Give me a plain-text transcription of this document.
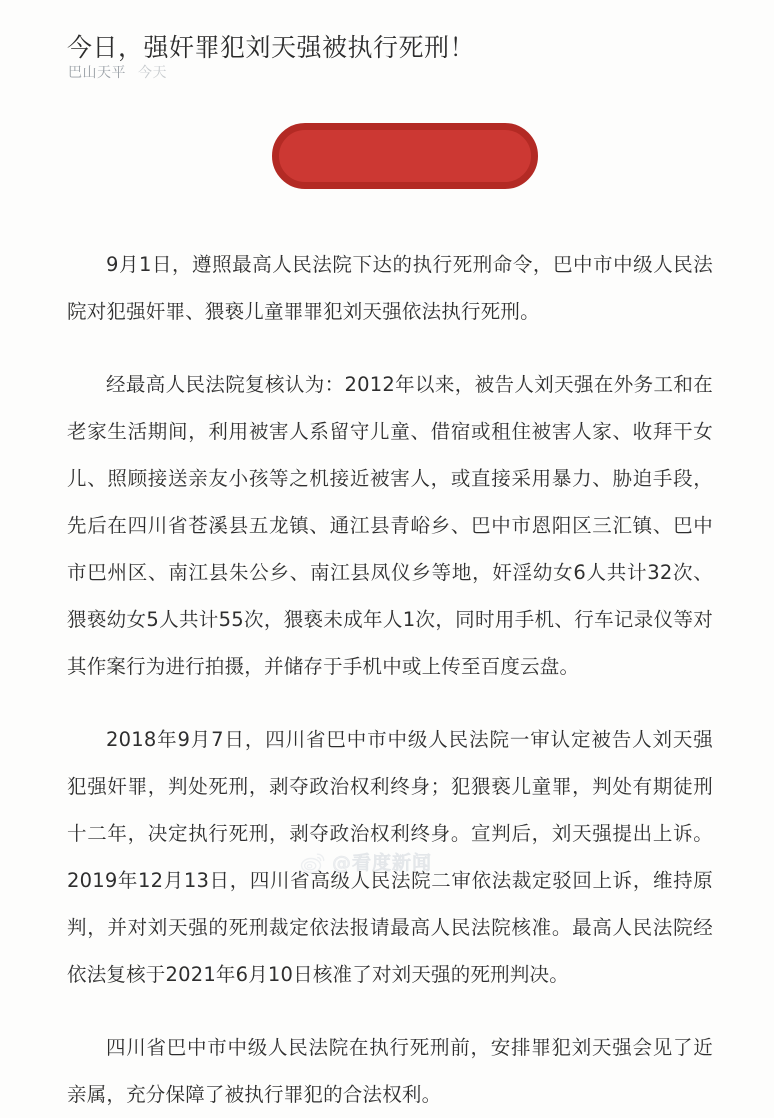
今日，强奸罪犯刘天强被执行死刑！
巴山天平 今天

9月1日，遵照最高人民法院下达的执行死刑命令，巴中市中级人民法院对犯强奸罪、猥亵儿童罪罪犯刘天强依法执行死刑。

经最高人民法院复核认为：2012年以来，被告人刘天强在外务工和在老家生活期间，利用被害人系留守儿童、借宿或租住被害人家、收拜干女儿、照顾接送亲友小孩等之机接近被害人，或直接采用暴力、胁迫手段，先后在四川省苍溪县五龙镇、通江县青峪乡、巴中市恩阳区三汇镇、巴中市巴州区、南江县朱公乡、南江县凤仪乡等地，奸淫幼女6人共计32次、猥亵幼女5人共计55次，猥亵未成年人1次，同时用手机、行车记录仪等对其作案行为进行拍摄，并储存于手机中或上传至百度云盘。

2018年9月7日，四川省巴中市中级人民法院一审认定被告人刘天强犯强奸罪，判处死刑，剥夺政治权利终身；犯猥亵儿童罪，判处有期徒刑十二年，决定执行死刑，剥夺政治权利终身。宣判后，刘天强提出上诉。2019年12月13日，四川省高级人民法院二审依法裁定驳回上诉，维持原判，并对刘天强的死刑裁定依法报请最高人民法院核准。最高人民法院经依法复核于2021年6月10日核准了对刘天强的死刑判决。

四川省巴中市中级人民法院在执行死刑前，安排罪犯刘天强会见了近亲属，充分保障了被执行罪犯的合法权利。

@看度新闻
